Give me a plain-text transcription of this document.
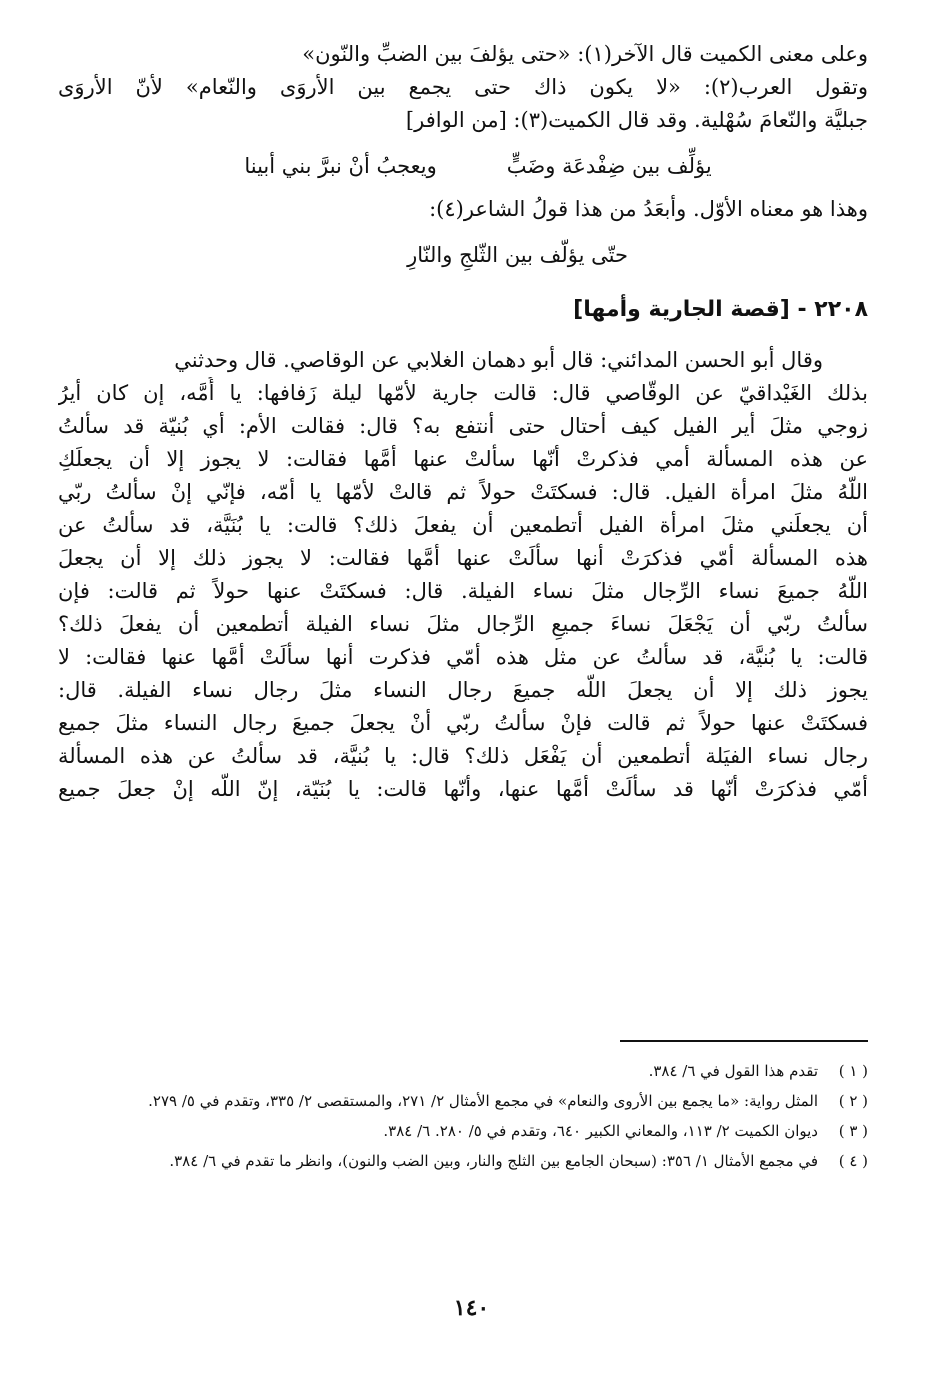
وعلى معنى الكميت قال الآخر(١): «حتى يؤلفَ بين الضبِّ والنّون»
وتقول العرب(٢): «لا يكون ذاك حتى يجمع بين الأروَى والنّعام» لأنّ الأروَى
جبليَّة والنّعامَ سُهْلية. وقد قال الكميت(٣): [من الوافر]
يؤلِّف بين ضِفْدعَة وضَبٍّ
ويعجبُ أنْ نبرَّ بني أبينا
وهذا هو معناه الأوّل. وأبعَدُ من هذا قولُ الشاعر(٤):
حتّى يؤلّف بين الثّلجِ والنّارِ
٢٢٠٨ - [قصة الجارية وأمها]
وقال أبو الحسن المدائني: قال أبو دهمان الغلابي عن الوقاصي. قال وحدثني
بذلك الغَيْداقيّ عن الوقّاصي قال: قالت جارية لأمّها ليلة زَفافها: يا أُمَّه، إن كان أيرُ
زوجي مثلَ أير الفيل كيف أحتال حتى أنتفع به؟ قال: فقالت الأم: أي بُنيّة قد سألتُ
عن هذه المسألة أمي فذكرتْ أنّها سألتْ عنها أمَّها فقالت: لا يجوز إلا أن يجعلَكِ
اللّهُ مثلَ امرأة الفيل. قال: فسكتَتْ حولاً ثم قالتْ لأمّها يا أمّه، فإنّي إنْ سألتُ ربّي
أن يجعلَني مثلَ امرأة الفيل أتطمعين أن يفعلَ ذلك؟ قالت: يا بُنَيَّة، قد سألتُ عن
هذه المسألة أمّي فذكرَتْ أنها سألَتْ عنها أمَّها فقالت: لا يجوز ذلك إلا أن يجعلَ
اللّهُ جميعَ نساء الرِّجال مثلَ نساء الفيلة. قال: فسكتَتْ عنها حولاً ثم قالت: فإن
سألتُ ربّي أن يَجْعَلَ نساءَ جميعِ الرِّجال مثلَ نساء الفيلة أتطمعين أن يفعلَ ذلك؟
قالت: يا بُنيَّة، قد سألتُ عن مثل هذه أمّي فذكرت أنها سألَتْ أمَّها عنها فقالت: لا
يجوز ذلك إلا أن يجعلَ اللّه جميعَ رجال النساء مثلَ رجال نساء الفيلة. قال:
فسكتَتْ عنها حولاً ثم قالت فإنْ سألتُ ربّي أنْ يجعلَ جميعَ رجال النساء مثلَ جميع
رجال نساء الفيَلة أتطمعين أن يَفْعَل ذلك؟ قال: يا بُنيَّة، قد سألتُ عن هذه المسألة
أمّي فذكرَتْ أنّها قد سألَتْ أمَّها عنها، وأنّها قالت: يا بُنَيّة، إنّ اللّه إنْ جعلَ جميع
( ١ )
تقدم هذا القول في ٦/ ٣٨٤.
( ٢ )
المثل رواية: «ما يجمع بين الأروى والنعام» في مجمع الأمثال ٢/ ٢٧١، والمستقصى ٢/ ٣٣٥، وتقدم في ٥/ ٢٧٩.
( ٣ )
ديوان الكميت ٢/ ١١٣، والمعاني الكبير ٦٤٠، وتقدم في ٥/ ٢٨٠. ٦/ ٣٨٤.
( ٤ )
في مجمع الأمثال ١/ ٣٥٦: (سبحان الجامع بين الثلج والنار، وبين الضب والنون)، وانظر ما تقدم في ٦/ ٣٨٤.
١٤٠
